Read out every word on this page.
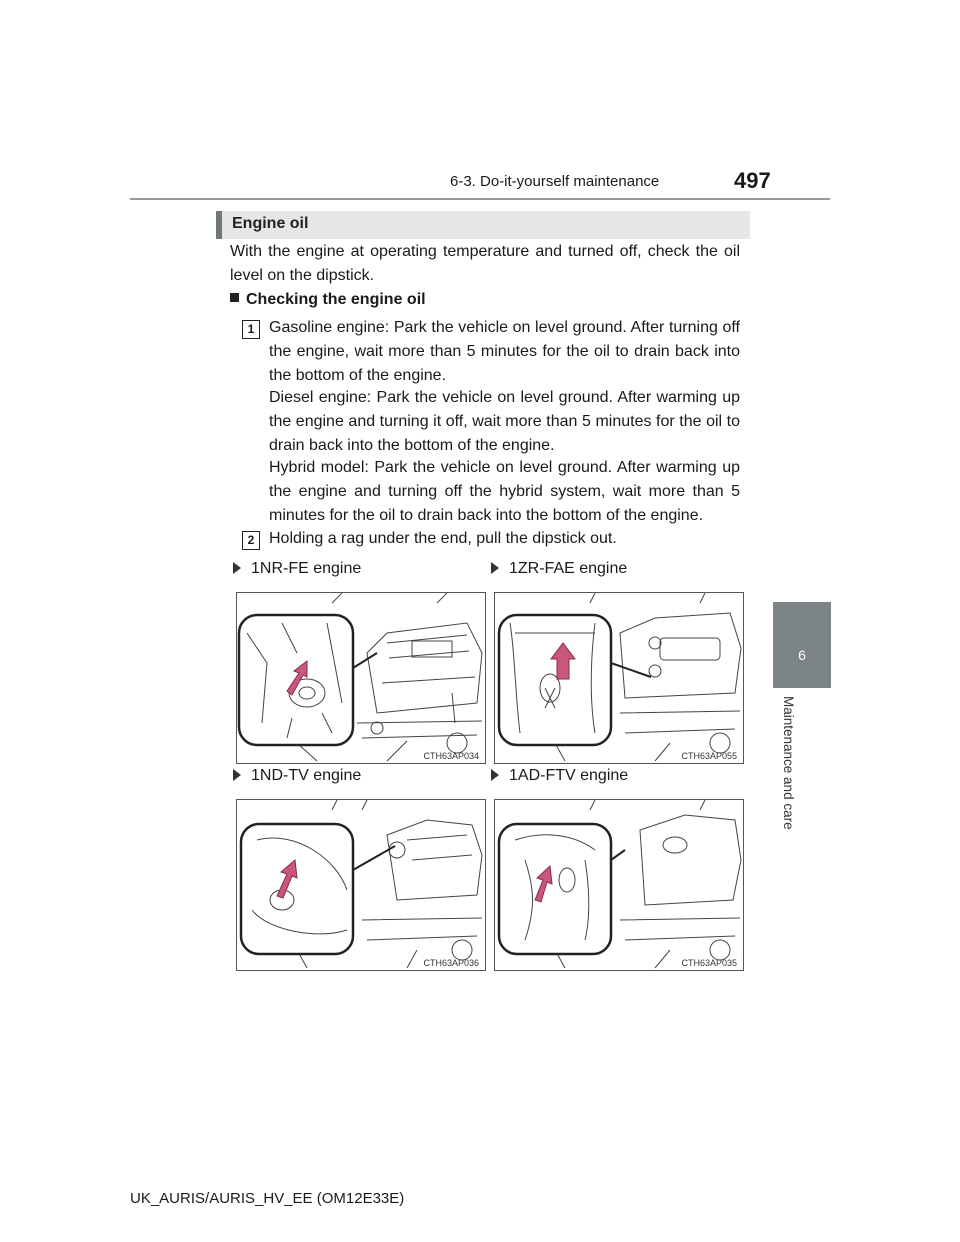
6-3. Do-it-yourself maintenance	497
6
Maintenance and care
Engine oil
With the engine at operating temperature and turned off, check the oil level on the dipstick.
Checking the engine oil
1 Gasoline engine: Park the vehicle on level ground. After turning off the engine, wait more than 5 minutes for the oil to drain back into the bottom of the engine.
Diesel engine: Park the vehicle on level ground. After warming up the engine and turning it off, wait more than 5 minutes for the oil to drain back into the bottom of the engine.
Hybrid model: Park the vehicle on level ground. After warming up the engine and turning off the hybrid system, wait more than 5 minutes for the oil to drain back into the bottom of the engine.
2 Holding a rag under the end, pull the dipstick out.
1NR-FE engine	1ZR-FAE engine
1ND-TV engine	1AD-FTV engine
CTH63AP034	CTH63AP055
CTH63AP036	CTH63AP035
UK_AURIS/AURIS_HV_EE (OM12E33E)
